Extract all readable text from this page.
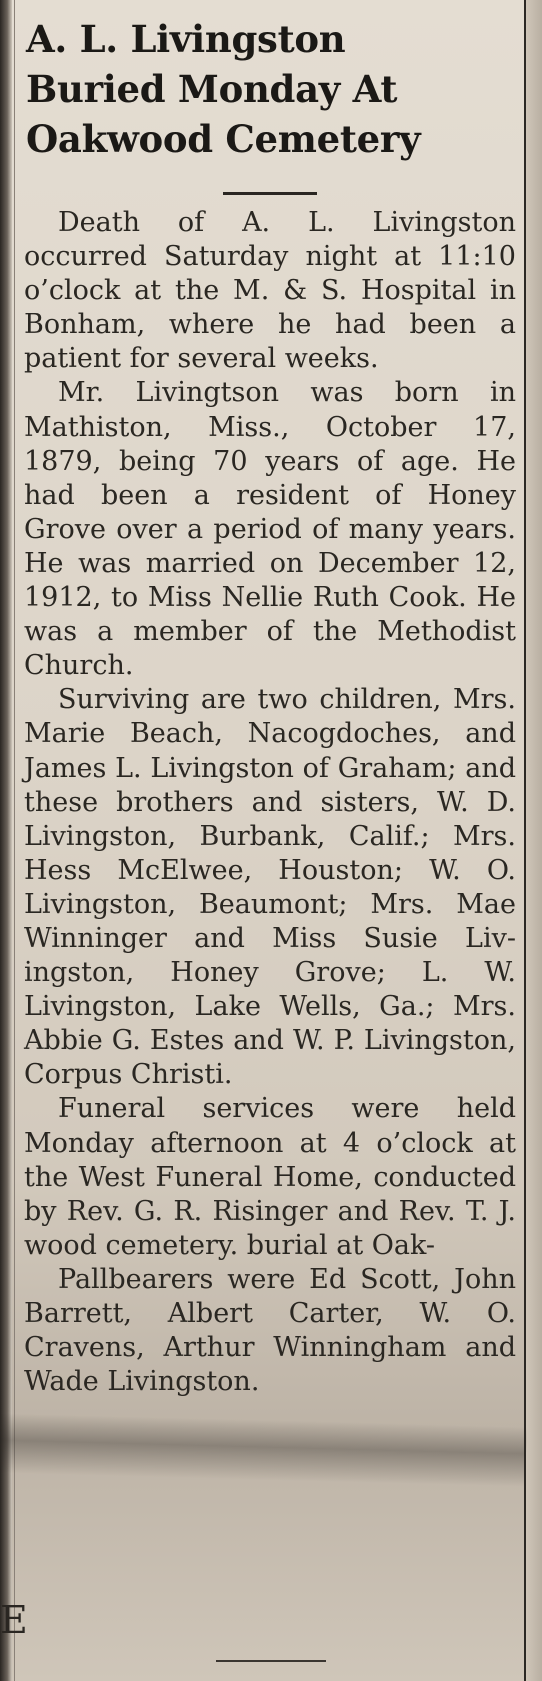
A. L. Livingston
Buried Monday At
Oakwood Cemetery

Death of A. L. Livingston occurred Saturday night at 11:10 o’clock at the M. & S. Hospital in Bonham, where he had been a patient for several weeks.

Mr. Livingtson was born in Mathiston, Miss., October 17, 1879, being 70 years of age. He had been a resident of Honey Grove over a period of many years. He was married on December 12, 1912, to Miss Nellie Ruth Cook. He was a member of the Methodist Church.

Surviving are two children, Mrs. Marie Beach, Nacogdoches, and James L. Livingston of Graham; and these brothers and sisters, W. D. Livingston, Burbank, Calif.; Mrs. Hess McElwee, Houston; W. O. Livingston, Beaumont; Mrs. Mae Winninger and Miss Susie Livingston, Honey Grove; L. W. Livingston, Lake Wells, Ga.; Mrs. Abbie G. Estes and W. P. Livingston, Corpus Christi.

Funeral services were held Monday afternoon at 4 o’clock at the West Funeral Home, conducted by Rev. G. R. Risinger and Rev. T. J. wood cemetery. burial at Oak-

Pallbearers were Ed Scott, John Barrett, Albert Carter, W. O. Cravens, Arthur Winningham and Wade Livingston.

E
